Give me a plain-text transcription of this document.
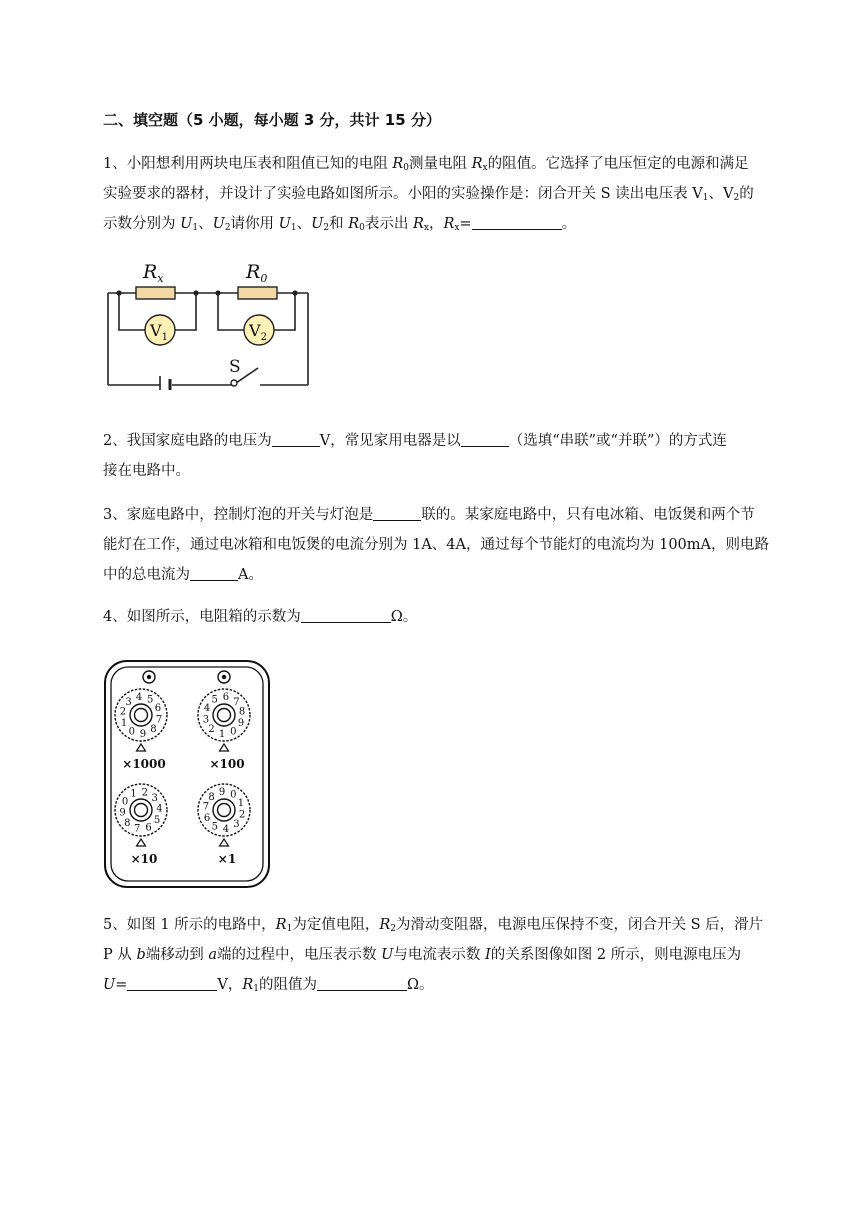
二、填空题（5 小题，每小题 3 分，共计 15 分）
1、小阳想利用两块电压表和阻值已知的电阻 $R_0$测量电阻 $R_x$的阻值。它选择了电压恒定的电源和满足
实验要求的器材，并设计了实验电路如图所示。小阳的实验操作是：闭合开关 S 读出电压表 $V_1$、$V_2$的
示数分别为 $U_1$、$U_2$请你用 $U_1$、$U_2$和 $R_0$表示出 $R_x$，$R_x=$	。
$R_x$	$R_0$
$V_1$	$V_2$
S
2、我国家庭电路的电压为	V，常见家用电器是以	（选填“串联”或“并联”）的方式连
接在电路中。
3、家庭电路中，控制灯泡的开关与灯泡是	联的。某家庭电路中，只有电冰箱、电饭煲和两个节
能灯在工作，通过电冰箱和电饭煲的电流分别为 1A、4A，通过每个节能灯的电流均为 100mA，则电路
中的总电流为	A。
4、如图所示，电阻箱的示数为	Ω。
0
1
2
3 4 5
6
7
8
9
×1000
0
1
2
3
4
5 6 7
8
9
×100
0
1 2
3
4
5
6
7
8
9
×10
0
1
2
3
4
5
6
7
8 9
×1
5、如图 1 所示的电路中，$R_1$为定值电阻，$R_2$为滑动变阻器，电源电压保持不变，闭合开关 S 后，滑片
P 从 b端移动到 a端的过程中，电压表示数 U与电流表示数 I的关系图像如图 2 所示，则电源电压为
U=	V，$R_1$的阻值为	Ω。
